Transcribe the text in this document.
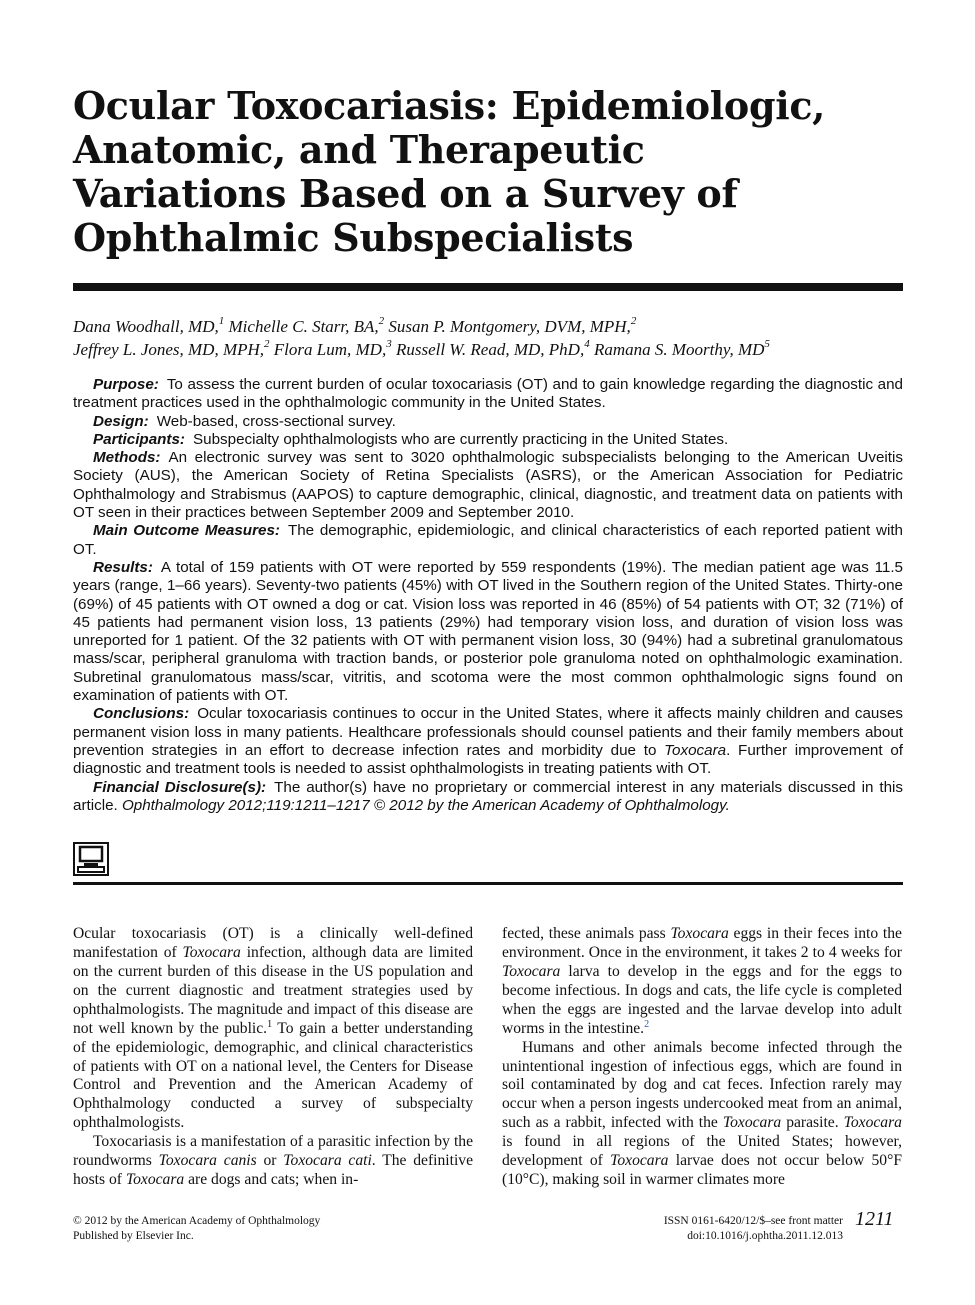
Ocular Toxocariasis: Epidemiologic, Anatomic, and Therapeutic Variations Based on a Survey of Ophthalmic Subspecialists
Dana Woodhall, MD,$^1$ Michelle C. Starr, BA,$^2$ Susan P. Montgomery, DVM, MPH,$^2$
Jeffrey L. Jones, MD, MPH,$^2$ Flora Lum, MD,$^3$ Russell W. Read, MD, PhD,$^4$ Ramana S. Moorthy, $MD^5$

Purpose: To assess the current burden of ocular toxocariasis (OT) and to gain knowledge regarding the diagnostic and treatment practices used in the ophthalmologic community in the United States.

Design: Web-based, cross-sectional survey.

Participants: Subspecialty ophthalmologists who are currently practicing in the United States.

Methods: An electronic survey was sent to 3020 ophthalmologic subspecialists belonging to the American Uveitis Society (AUS), the American Society of Retina Specialists (ASRS), or the American Association for Pediatric Ophthalmology and Strabismus (AAPOS) to capture demographic, clinical, diagnostic, and treatment data on patients with OT seen in their practices between September 2009 and September 2010.

Main Outcome Measures: The demographic, epidemiologic, and clinical characteristics of each reported patient with OT.

Results: A total of 159 patients with OT were reported by 559 respondents (19%). The median patient age was 11.5 years (range, 1–66 years). Seventy-two patients (45%) with OT lived in the Southern region of the United States. Thirty-one (69%) of 45 patients with OT owned a dog or cat. Vision loss was reported in 46 (85%) of 54 patients with OT; 32 (71%) of 45 patients had permanent vision loss, 13 patients (29%) had temporary vision loss, and duration of vision loss was unreported for 1 patient. Of the 32 patients with OT with permanent vision loss, 30 (94%) had a subretinal granulomatous mass/scar, peripheral granuloma with traction bands, or posterior pole granuloma noted on ophthalmologic examination. Subretinal granulomatous mass/scar, vitritis, and scotoma were the most common ophthalmologic signs found on examination of patients with OT.

Conclusions: Ocular toxocariasis continues to occur in the United States, where it affects mainly children and causes permanent vision loss in many patients. Healthcare professionals should counsel patients and their family members about prevention strategies in an effort to decrease infection rates and morbidity due to Toxocara. Further improvement of diagnostic and treatment tools is needed to assist ophthalmologists in treating patients with OT.

Financial Disclosure(s): The author(s) have no proprietary or commercial interest in any materials discussed in this article. Ophthalmology 2012;119:1211–1217 © 2012 by the American Academy of Ophthalmology.

Ocular toxocariasis (OT) is a clinically well-defined manifestation of Toxocara infection, although data are limited on the current burden of this disease in the US population and on the current diagnostic and treatment strategies used by ophthalmologists. The magnitude and impact of this disease are not well known by the public.$^1$ To gain a better understanding of the epidemiologic, demographic, and clinical characteristics of patients with OT on a national level, the Centers for Disease Control and Prevention and the American Academy of Ophthalmology conducted a survey of subspecialty ophthalmologists.

Toxocariasis is a manifestation of a parasitic infection by the roundworms Toxocara canis or Toxocara cati. The definitive hosts of Toxocara are dogs and cats; when in-

fected, these animals pass Toxocara eggs in their feces into the environment. Once in the environment, it takes 2 to 4 weeks for Toxocara larva to develop in the eggs and for the eggs to become infectious. In dogs and cats, the life cycle is completed when the eggs are ingested and the larvae develop into adult worms in the intestine.$^2$

Humans and other animals become infected through the unintentional ingestion of infectious eggs, which are found in soil contaminated by dog and cat feces. Infection rarely may occur when a person ingests undercooked meat from an animal, such as a rabbit, infected with the Toxocara parasite. Toxocara is found in all regions of the United States; however, development of Toxocara larvae does not occur below 50°F (10°C), making soil in warmer climates more

© 2012 by the American Academy of Ophthalmology
Published by Elsevier Inc.
ISSN 0161-6420/12/$–see front matter
doi:10.1016/j.ophtha.2011.12.013
1211
